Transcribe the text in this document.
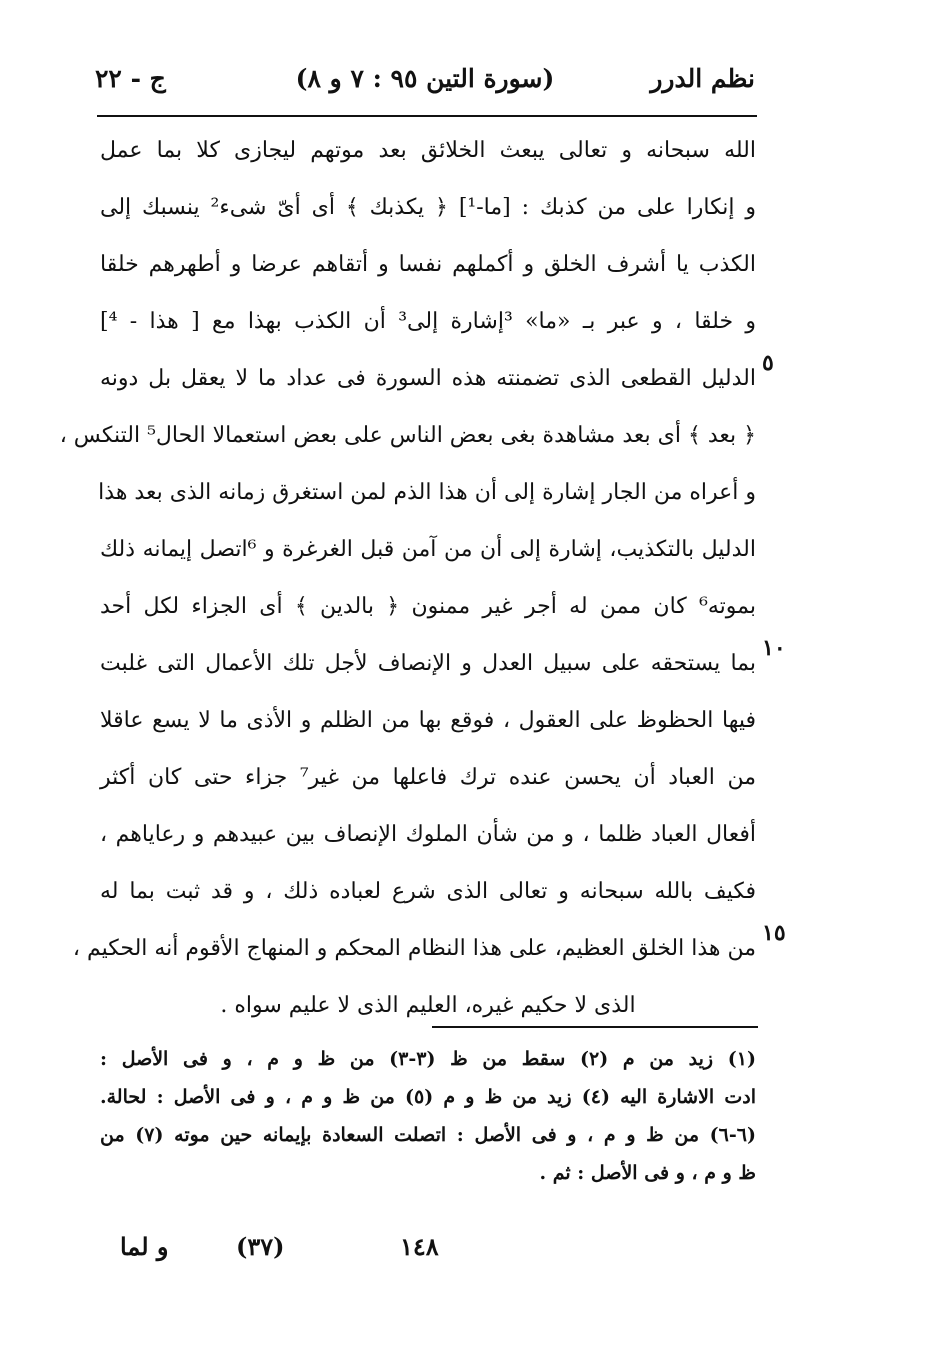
نظم الدرر
(سورة التين ٩٥ : ٧ و ٨)
ج - ٢٢
الله سبحانه و تعالى يبعث الخلائق بعد موتهم ليجازى كلا بما عمل
و إنكارا على من كذبك : [ما-¹] ﴿ يكذبك ﴾ أى أىّ شىء² ينسبك إلى
الكذب يا أشرف الخلق و أكملهم نفسا و أتقاهم عرضا و أطهرهم خلقا
و خلقا ، و عبر بـ «ما» ³إشارة إلى³ أن الكذب بهذا مع [ هذا - ⁴]
الدليل القطعى الذى تضمنته هذه السورة فى عداد ما لا يعقل بل دونه
﴿ بعد ﴾ أى بعد مشاهدة بغى بعض الناس على بعض استعمالا الحال⁵ التنكس ،
و أعراه من الجار إشارة إلى أن هذا الذم لمن استغرق زمانه الذى بعد هذا
الدليل بالتكذيب، إشارة إلى أن من آمن قبل الغرغرة و ⁶اتصل إيمانه ذلك
بموته⁶ كان ممن له أجر غير ممنون ﴿ بالدين ﴾ أى الجزاء لكل أحد
بما يستحقه على سبيل العدل و الإنصاف لأجل تلك الأعمال التى غلبت
فيها الحظوظ على العقول ، فوقع بها من الظلم و الأذى ما لا يسع عاقلا
من العباد أن يحسن عنده ترك فاعلها من غير⁷ جزاء حتى كان أكثر
أفعال العباد ظلما ، و من شأن الملوك الإنصاف بين عبيدهم و رعاياهم ،
فكيف بالله سبحانه و تعالى الذى شرع لعباده ذلك ، و قد ثبت بما له
من هذا الخلق العظيم، على هذا النظام المحكم و المنهاج الأقوم أنه الحكيم ،
الذى لا حكيم غيره، العليم الذى لا عليم سواه .
٥
١٠
١٥
(١) زيد من م (٢) سقط من ظ (٣-٣) من ظ و م ، و فى الأصل :
ادت الاشارة اليه (٤) زيد من ظ و م (٥) من ظ و م ، و فى الأصل : لحالة.
(٦-٦) من ظ و م ، و فى الأصل : اتصلت السعادة بإيمانه حين موته (٧) من
ظ و م ، و فى الأصل : ثم .
١٤٨
(٣٧)
و لما
